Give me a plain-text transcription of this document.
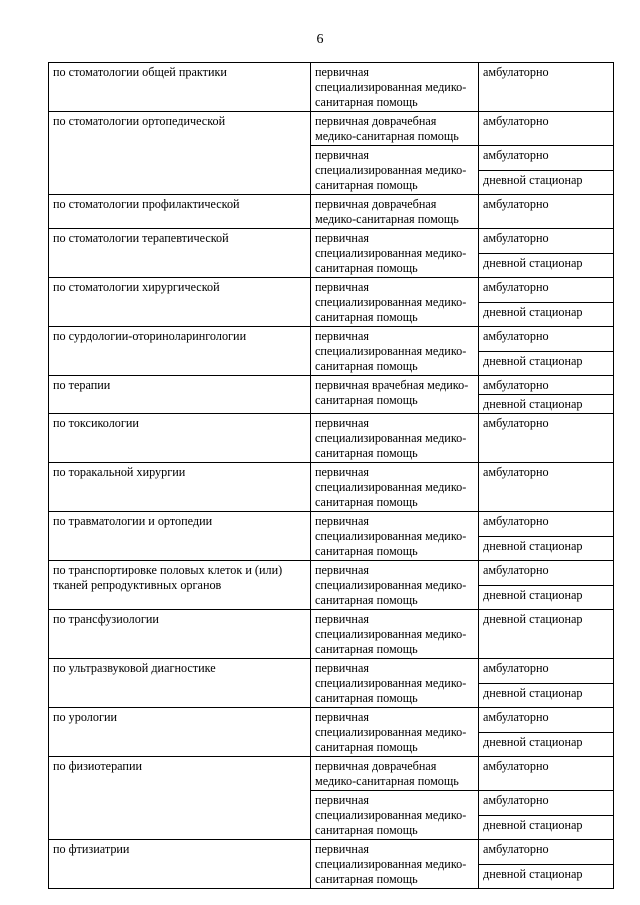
6
по стоматологии общей практики	первичная специализированная медико-санитарная помощь	амбулаторно
по стоматологии ортопедической	первичная доврачебная медико-санитарная помощь	амбулаторно
	первичная специализированная медико-санитарная помощь	амбулаторно
		дневной стационар
по стоматологии профилактической	первичная доврачебная медико-санитарная помощь	амбулаторно
по стоматологии терапевтической	первичная специализированная медико-санитарная помощь	амбулаторно
		дневной стационар
по стоматологии хирургической	первичная специализированная медико-санитарная помощь	амбулаторно
		дневной стационар
по сурдологии-оториноларингологии	первичная специализированная медико-санитарная помощь	амбулаторно
		дневной стационар
по терапии	первичная врачебная медико-санитарная помощь	амбулаторно
		дневной стационар
по токсикологии	первичная специализированная медико-санитарная помощь	амбулаторно
по торакальной хирургии	первичная специализированная медико-санитарная помощь	амбулаторно
по травматологии и ортопедии	первичная специализированная медико-санитарная помощь	амбулаторно
		дневной стационар
по транспортировке половых клеток и (или) тканей репродуктивных органов	первичная специализированная медико-санитарная помощь	амбулаторно
		дневной стационар
по трансфузиологии	первичная специализированная медико-санитарная помощь	дневной стационар
по ультразвуковой диагностике	первичная специализированная медико-санитарная помощь	амбулаторно
		дневной стационар
по урологии	первичная специализированная медико-санитарная помощь	амбулаторно
		дневной стационар
по физиотерапии	первичная доврачебная медико-санитарная помощь	амбулаторно
	первичная специализированная медико-санитарная помощь	амбулаторно
		дневной стационар
по фтизиатрии	первичная специализированная медико-санитарная помощь	амбулаторно
		дневной стационар
